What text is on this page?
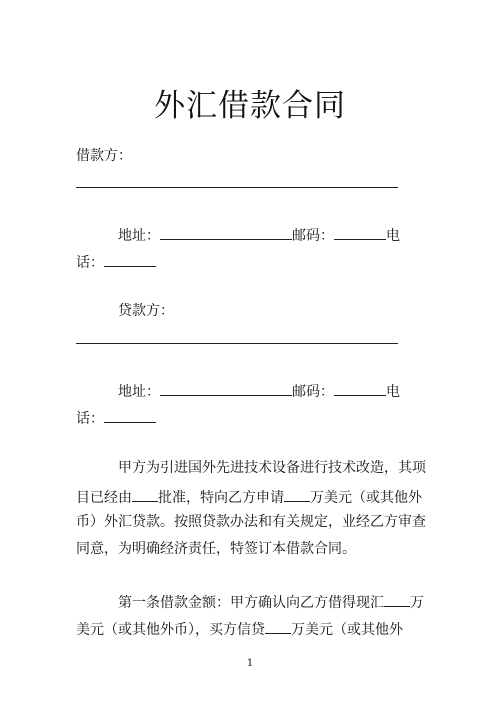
外汇借款合同

借款方：

地址：	邮码：	电

话：

贷款方：

地址：	邮码：	电

话：

甲方为引进国外先进技术设备进行技术改造，其项

目已经由 批准，特向乙方申请 万美元（或其他外

币）外汇贷款。按照贷款办法和有关规定，业经乙方审查

同意，为明确经济责任，特签订本借款合同。

第一条借款金额：甲方确认向乙方借得现汇 万

美元（或其他外币），买方信贷 万美元（或其他外

1
